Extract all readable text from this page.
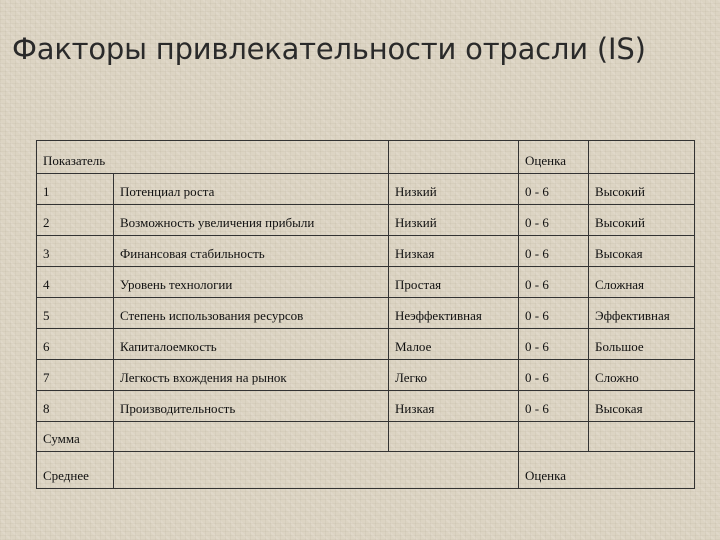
Факторы привлекательности отрасли (IS)
Показатель			Оценка	
1	Потенциал роста	Низкий	0 - 6	Высокий
2	Возможность увеличения прибыли	Низкий	0 - 6	Высокий
3	Финансовая стабильность	Низкая	0 - 6	Высокая
4	Уровень технологии	Простая	0 - 6	Сложная
5	Степень использования ресурсов	Неэффективная	0 - 6	Эффективная
6	Капиталоемкость	Малое	0 - 6	Большое
7	Легкость вхождения на рынок	Легко	0 - 6	Сложно
8	Производительность	Низкая	0 - 6	Высокая
Сумма				
Среднее			Оценка	
